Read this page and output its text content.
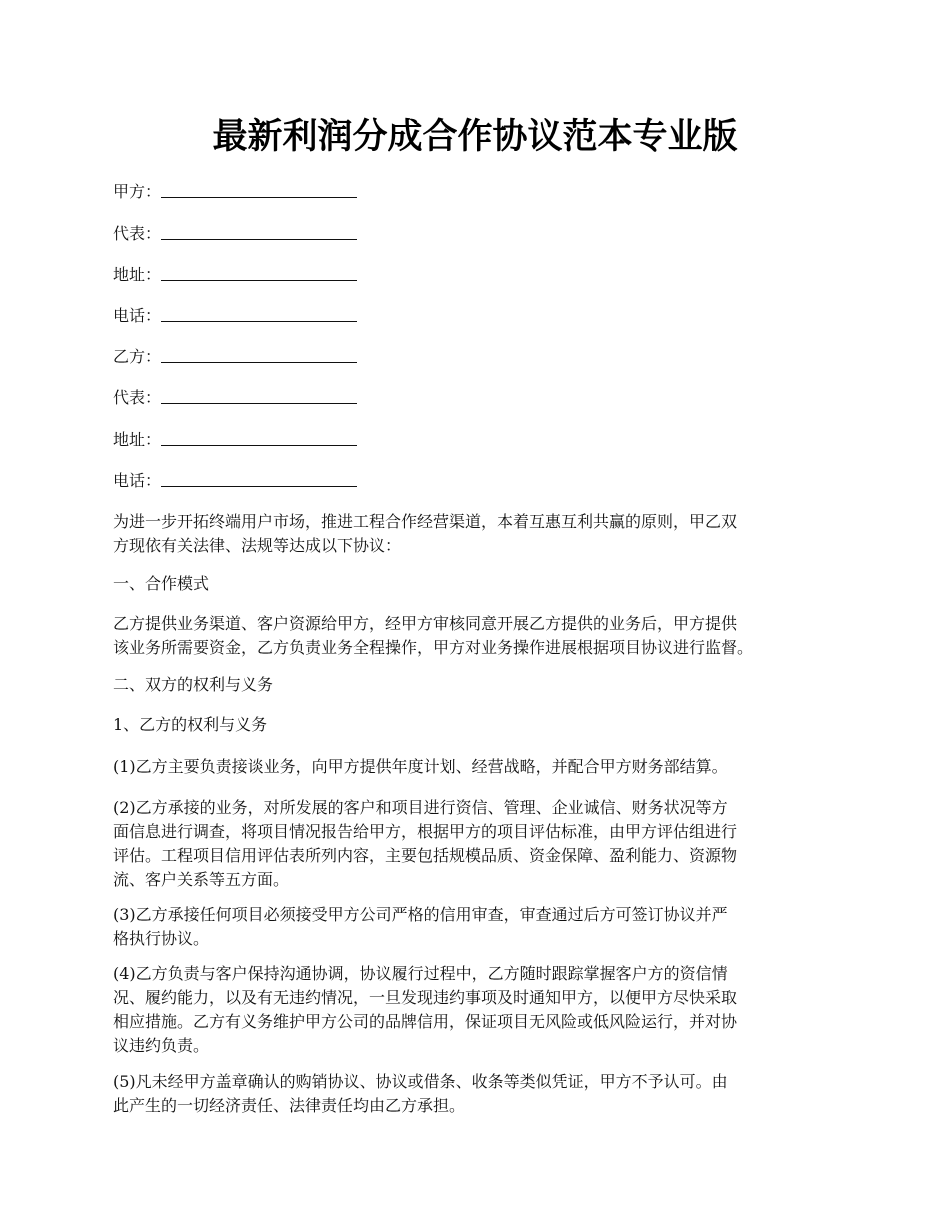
最新利润分成合作协议范本专业版
甲方：
代表：
地址：
电话：
乙方：
代表：
地址：
电话：

为进一步开拓终端用户市场，推进工程合作经营渠道，本着互惠互利共赢的原则，甲乙双
方现依有关法律、法规等达成以下协议：

一、合作模式

乙方提供业务渠道、客户资源给甲方，经甲方审核同意开展乙方提供的业务后，甲方提供
该业务所需要资金，乙方负责业务全程操作，甲方对业务操作进展根据项目协议进行监督。

二、双方的权利与义务

1、乙方的权利与义务

(1)乙方主要负责接谈业务，向甲方提供年度计划、经营战略，并配合甲方财务部结算。

(2)乙方承接的业务，对所发展的客户和项目进行资信、管理、企业诚信、财务状况等方
面信息进行调查，将项目情况报告给甲方，根据甲方的项目评估标准，由甲方评估组进行
评估。工程项目信用评估表所列内容，主要包括规模品质、资金保障、盈利能力、资源物
流、客户关系等五方面。

(3)乙方承接任何项目必须接受甲方公司严格的信用审查，审查通过后方可签订协议并严
格执行协议。

(4)乙方负责与客户保持沟通协调，协议履行过程中，乙方随时跟踪掌握客户方的资信情
况、履约能力，以及有无违约情况，一旦发现违约事项及时通知甲方，以便甲方尽快采取
相应措施。乙方有义务维护甲方公司的品牌信用，保证项目无风险或低风险运行，并对协
议违约负责。

(5)凡未经甲方盖章确认的购销协议、协议或借条、收条等类似凭证，甲方不予认可。由
此产生的一切经济责任、法律责任均由乙方承担。
